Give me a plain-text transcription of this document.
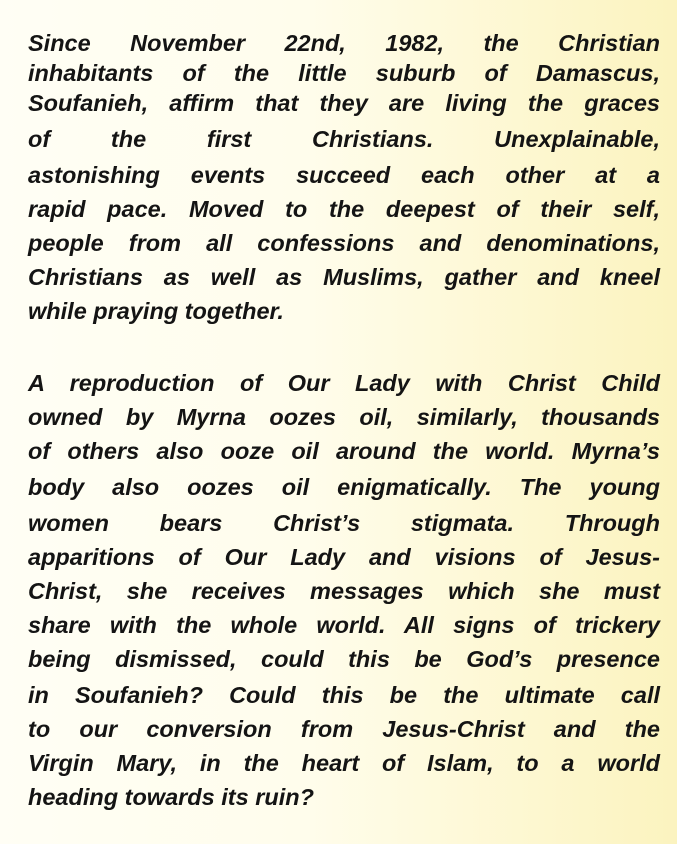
Since November 22nd, 1982, the Christian
inhabitants of the little suburb of Damascus,
Soufanieh, affirm that they are living the graces
of the first Christians. Unexplainable,
astonishing events succeed each other at a
rapid pace. Moved to the deepest of their self,
people from all confessions and denominations,
Christians as well as Muslims, gather and kneel
while praying together.
A reproduction of Our Lady with Christ Child
owned by Myrna oozes oil, similarly, thousands
of others also ooze oil around the world. Myrna’s
body also oozes oil enigmatically. The young
women bears Christ’s stigmata. Through
apparitions of Our Lady and visions of Jesus-
Christ, she receives messages which she must
share with the whole world. All signs of trickery
being dismissed, could this be God’s presence
in Soufanieh? Could this be the ultimate call
to our conversion from Jesus-Christ and the
Virgin Mary, in the heart of Islam, to a world
heading towards its ruin?
